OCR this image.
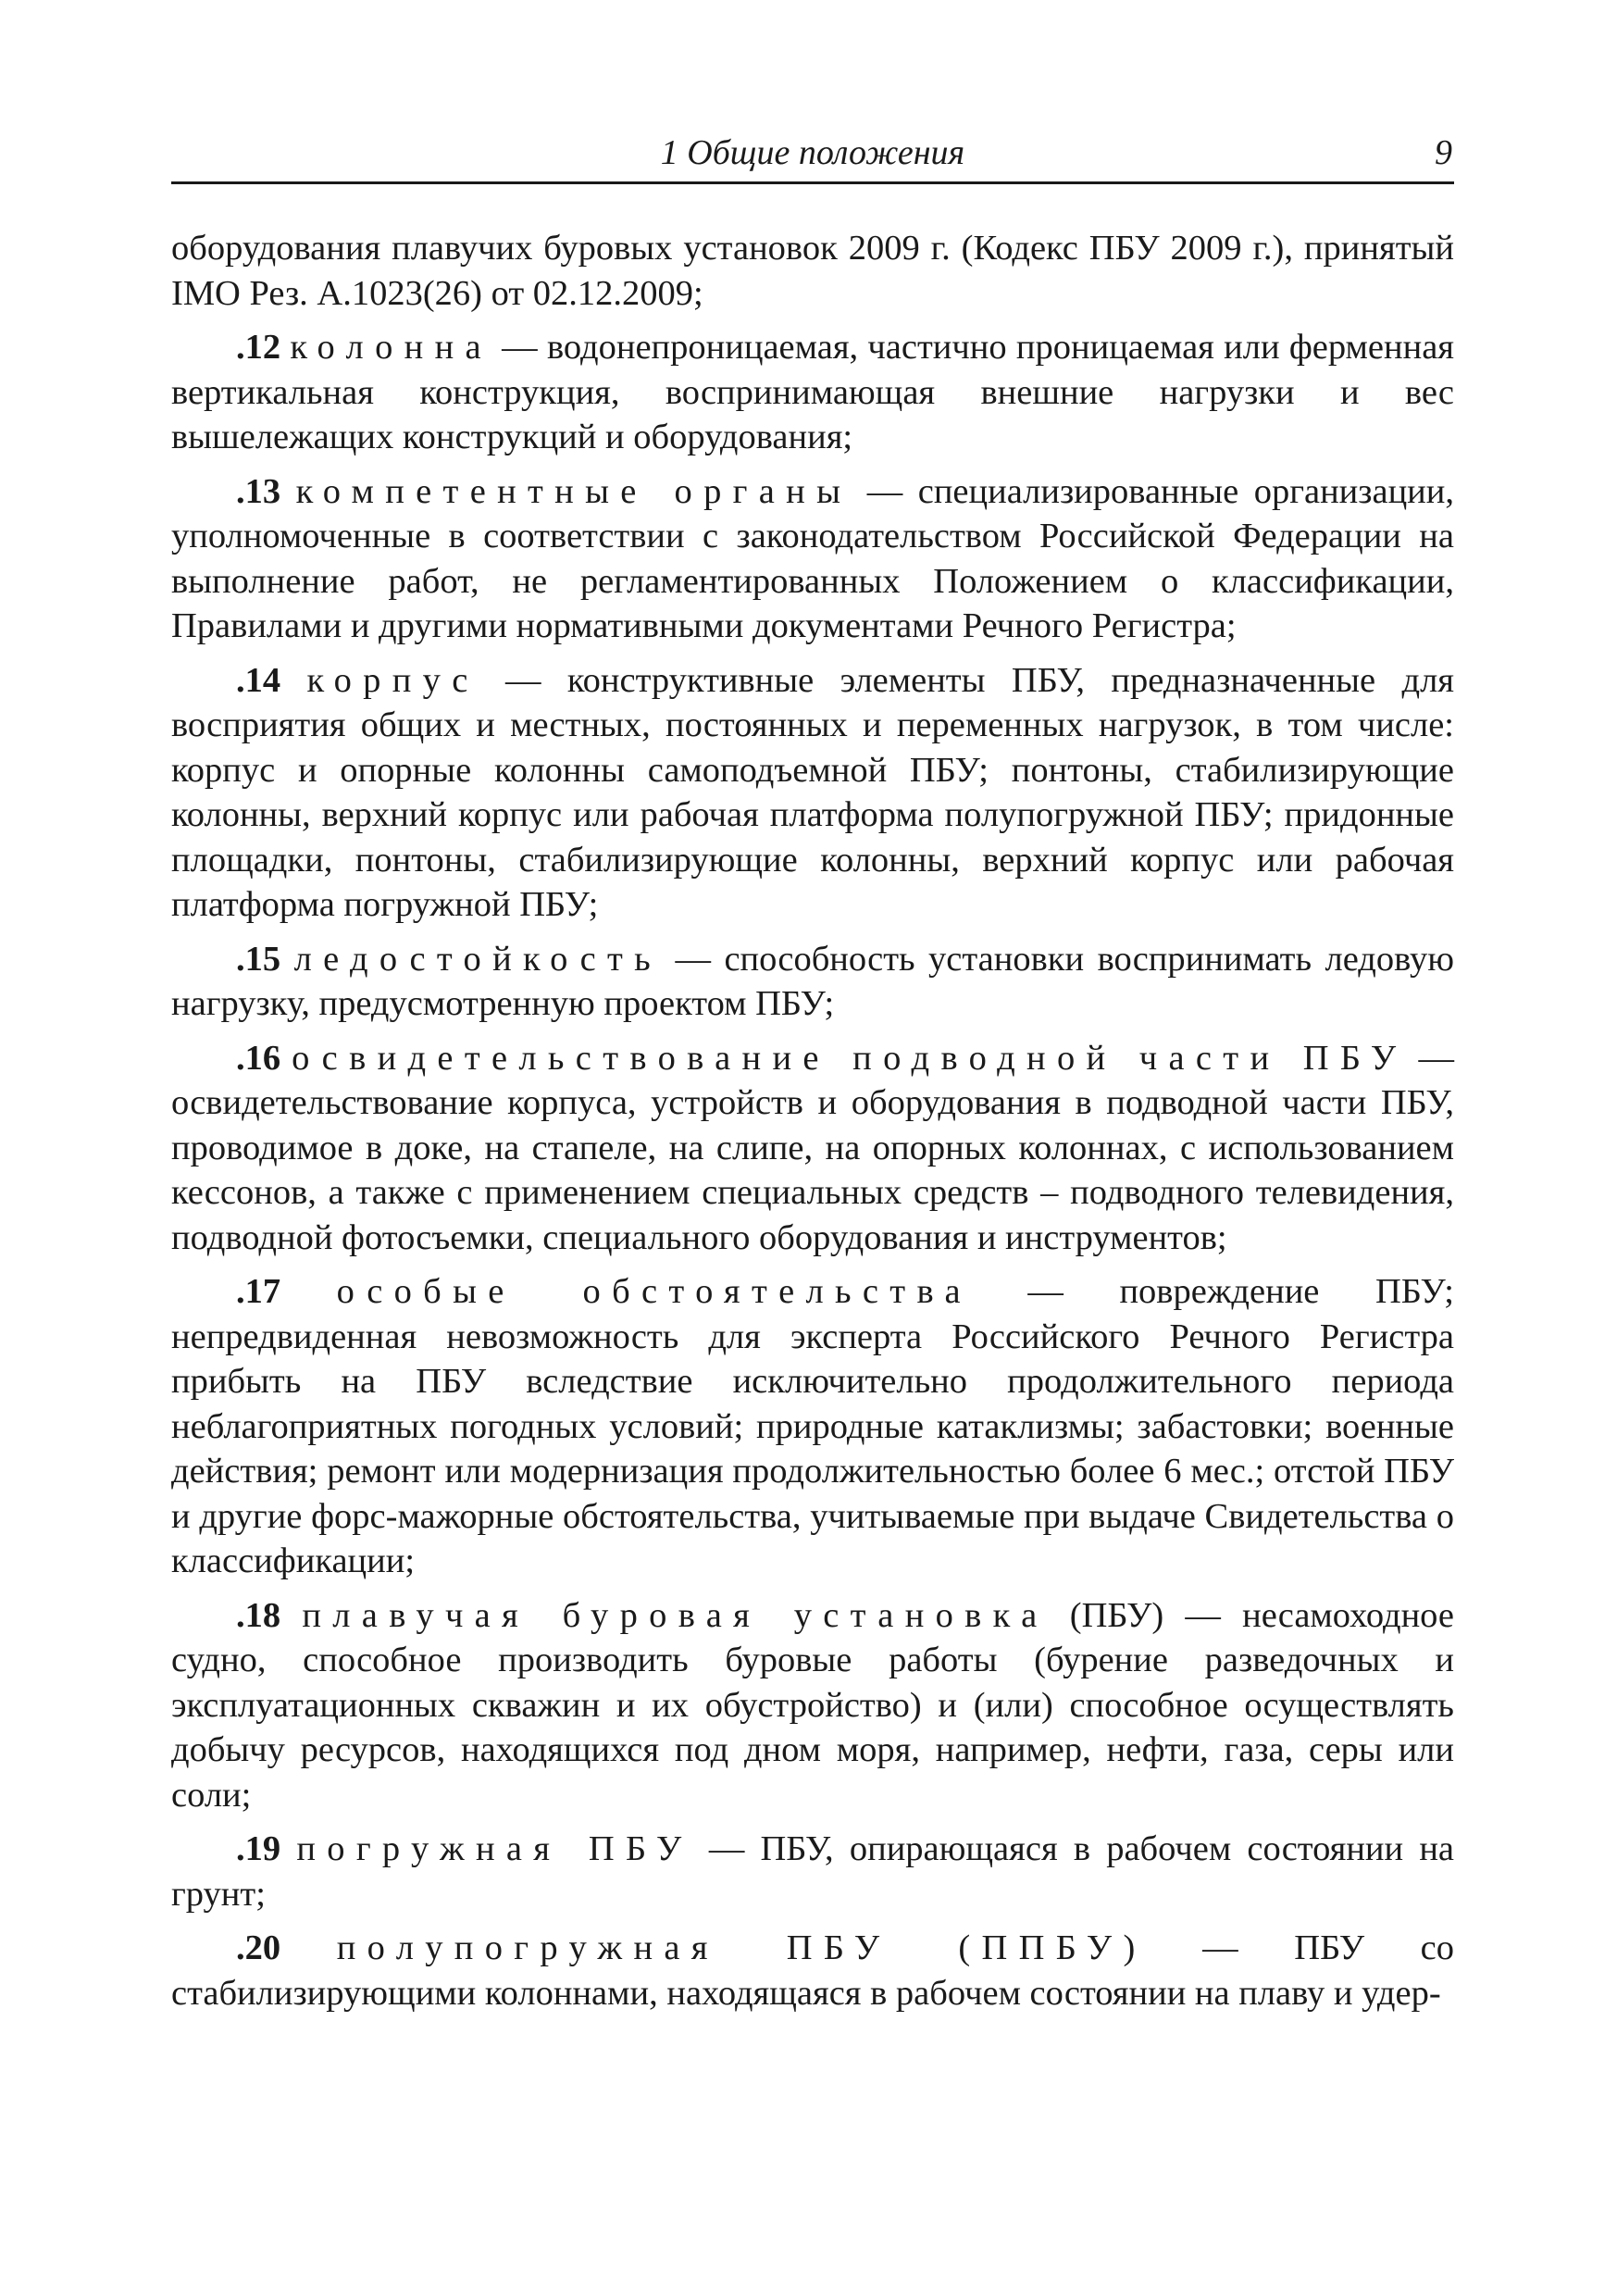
1 Общие положения	9

оборудования плавучих буровых установок 2009 г. (Кодекс ПБУ 2009 г.), принятый IMO Рез. A.1023(26) от 02.12.2009;

.12 колонна — водонепроницаемая, частично проницаемая или ферменная вертикальная конструкция, воспринимающая внешние нагрузки и вес вышележащих конструкций и оборудования;

.13 компетентные органы — специализированные организации, уполномоченные в соответствии с законодательством Российской Федерации на выполнение работ, не регламентированных Положением о классификации, Правилами и другими нормативными документами Речного Регистра;

.14 корпус — конструктивные элементы ПБУ, предназначенные для восприятия общих и местных, постоянных и переменных нагрузок, в том числе: корпус и опорные колонны самоподъемной ПБУ; понтоны, стабилизирующие колонны, верхний корпус или рабочая платформа полупогружной ПБУ; придонные площадки, понтоны, стабилизирующие колонны, верхний корпус или рабочая платформа погружной ПБУ;

.15 ледостойкость — способность установки воспринимать ледовую нагрузку, предусмотренную проектом ПБУ;

.16 освидетельствование подводной части ПБУ — освидетельствование корпуса, устройств и оборудования в подводной части ПБУ, проводимое в доке, на стапеле, на слипе, на опорных колоннах, с использованием кессонов, а также с применением специальных средств – подводного телевидения, подводной фотосъемки, специального оборудования и инструментов;

.17 особые обстоятельства — повреждение ПБУ; непредвиденная невозможность для эксперта Российского Речного Регистра прибыть на ПБУ вследствие исключительно продолжительного периода неблагоприятных погодных условий; природные катаклизмы; забастовки; военные действия; ремонт или модернизация продолжительностью более 6 мес.; отстой ПБУ и другие форс-мажорные обстоятельства, учитываемые при выдаче Свидетельства о классификации;

.18 плавучая буровая установка (ПБУ) — несамоходное судно, способное производить буровые работы (бурение разведочных и эксплуатационных скважин и их обустройство) и (или) способное осуществлять добычу ресурсов, находящихся под дном моря, например, нефти, газа, серы или соли;

.19 погружная ПБУ — ПБУ, опирающаяся в рабочем состоянии на грунт;

.20 полупогружная ПБУ (ППБУ) — ПБУ со стабилизирующими колоннами, находящаяся в рабочем состоянии на плаву и удер-
